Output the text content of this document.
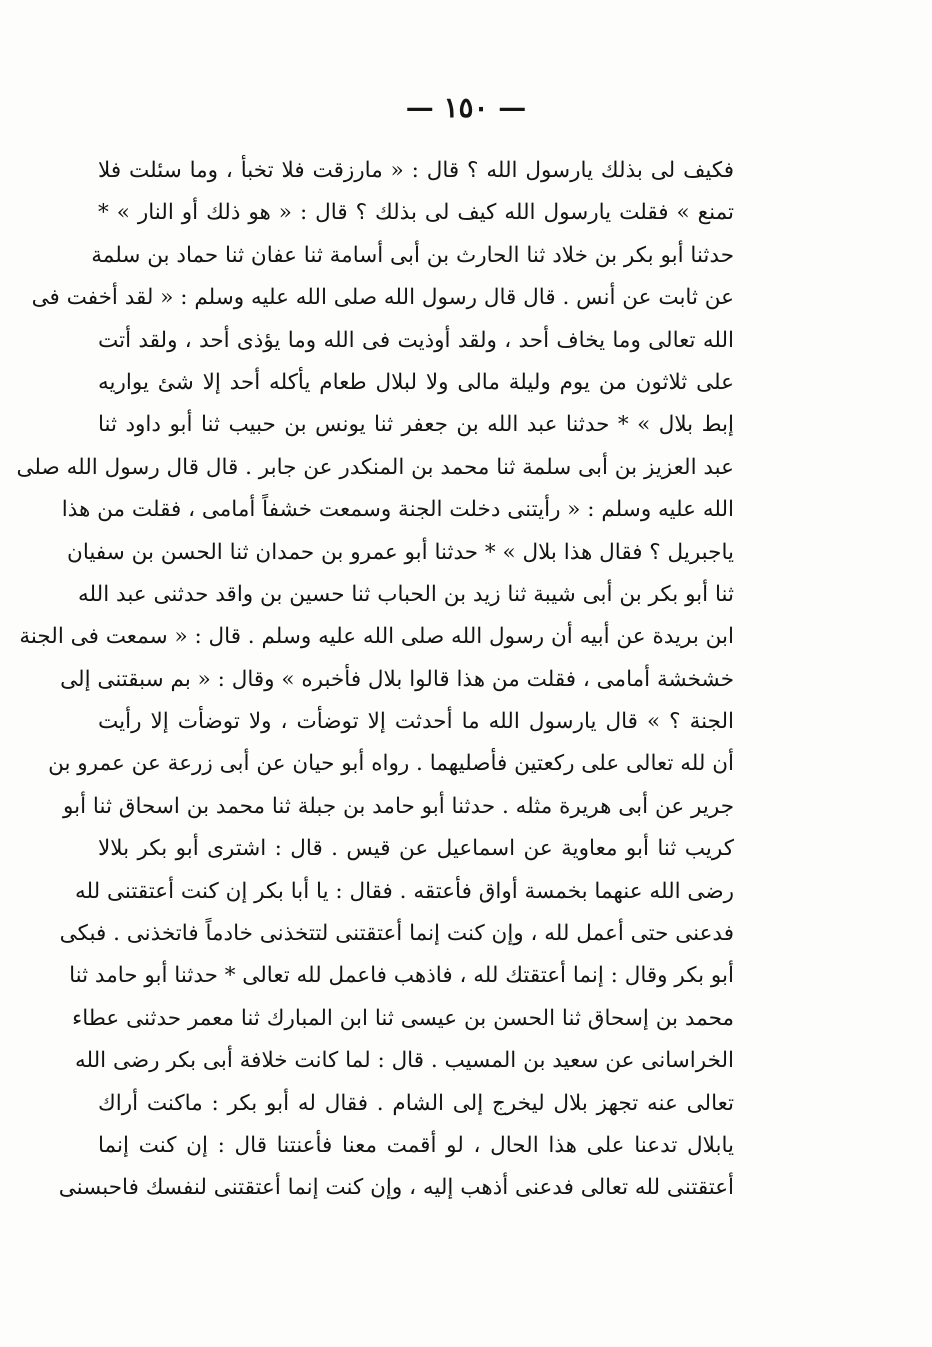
— ١٥٠ —
فكيف لى بذلك يارسول الله ؟ قال : « مارزقت فلا تخبأ ، وما سئلت فلا
تمنع » فقلت يارسول الله كيف لى بذلك ؟ قال : « هو ذلك أو النار » *
حدثنا أبو بكر بن خلاد ثنا الحارث بن أبى أسامة ثنا عفان ثنا حماد بن سلمة
عن ثابت عن أنس . قال قال رسول الله صلى الله عليه وسلم : « لقد أخفت فى
الله تعالى وما يخاف أحد ، ولقد أوذيت فى الله وما يؤذى أحد ، ولقد أتت
على ثلاثون من يوم وليلة مالى ولا لبلال طعام يأكله أحد إلا شئ يواريه
إبط بلال » * حدثنا عبد الله بن جعفر ثنا يونس بن حبيب ثنا أبو داود ثنا
عبد العزيز بن أبى سلمة ثنا محمد بن المنكدر عن جابر . قال قال رسول الله صلى
الله عليه وسلم : « رأيتنى دخلت الجنة وسمعت خشفاً أمامى ، فقلت من هذا
ياجبريل ؟ فقال هذا بلال » * حدثنا أبو عمرو بن حمدان ثنا الحسن بن سفيان
ثنا أبو بكر بن أبى شيبة ثنا زيد بن الحباب ثنا حسين بن واقد حدثنى عبد الله
ابن بريدة عن أبيه أن رسول الله صلى الله عليه وسلم . قال : « سمعت فى الجنة
خشخشة أمامى ، فقلت من هذا قالوا بلال فأخبره » وقال : « بم سبقتنى إلى
الجنة ؟ » قال يارسول الله ما أحدثت إلا توضأت ، ولا توضأت إلا رأيت
أن لله تعالى على ركعتين فأصليهما . رواه أبو حيان عن أبى زرعة عن عمرو بن
جرير عن أبى هريرة مثله . حدثنا أبو حامد بن جبلة ثنا محمد بن اسحاق ثنا أبو
كريب ثنا أبو معاوية عن اسماعيل عن قيس . قال : اشترى أبو بكر بلالا
رضى الله عنهما بخمسة أواق فأعتقه . فقال : يا أبا بكر إن كنت أعتقتنى لله
فدعنى حتى أعمل لله ، وإن كنت إنما أعتقتنى لتتخذنى خادماً فاتخذنى . فبكى
أبو بكر وقال : إنما أعتقتك لله ، فاذهب فاعمل لله تعالى * حدثنا أبو حامد ثنا
محمد بن إسحاق ثنا الحسن بن عيسى ثنا ابن المبارك ثنا معمر حدثنى عطاء
الخراسانى عن سعيد بن المسيب . قال : لما كانت خلافة أبى بكر رضى الله
تعالى عنه تجهز بلال ليخرج إلى الشام . فقال له أبو بكر : ماكنت أراك
يابلال تدعنا على هذا الحال ، لو أقمت معنا فأعنتنا قال : إن كنت إنما
أعتقتنى لله تعالى فدعنى أذهب إليه ، وإن كنت إنما أعتقتنى لنفسك فاحبسنى
